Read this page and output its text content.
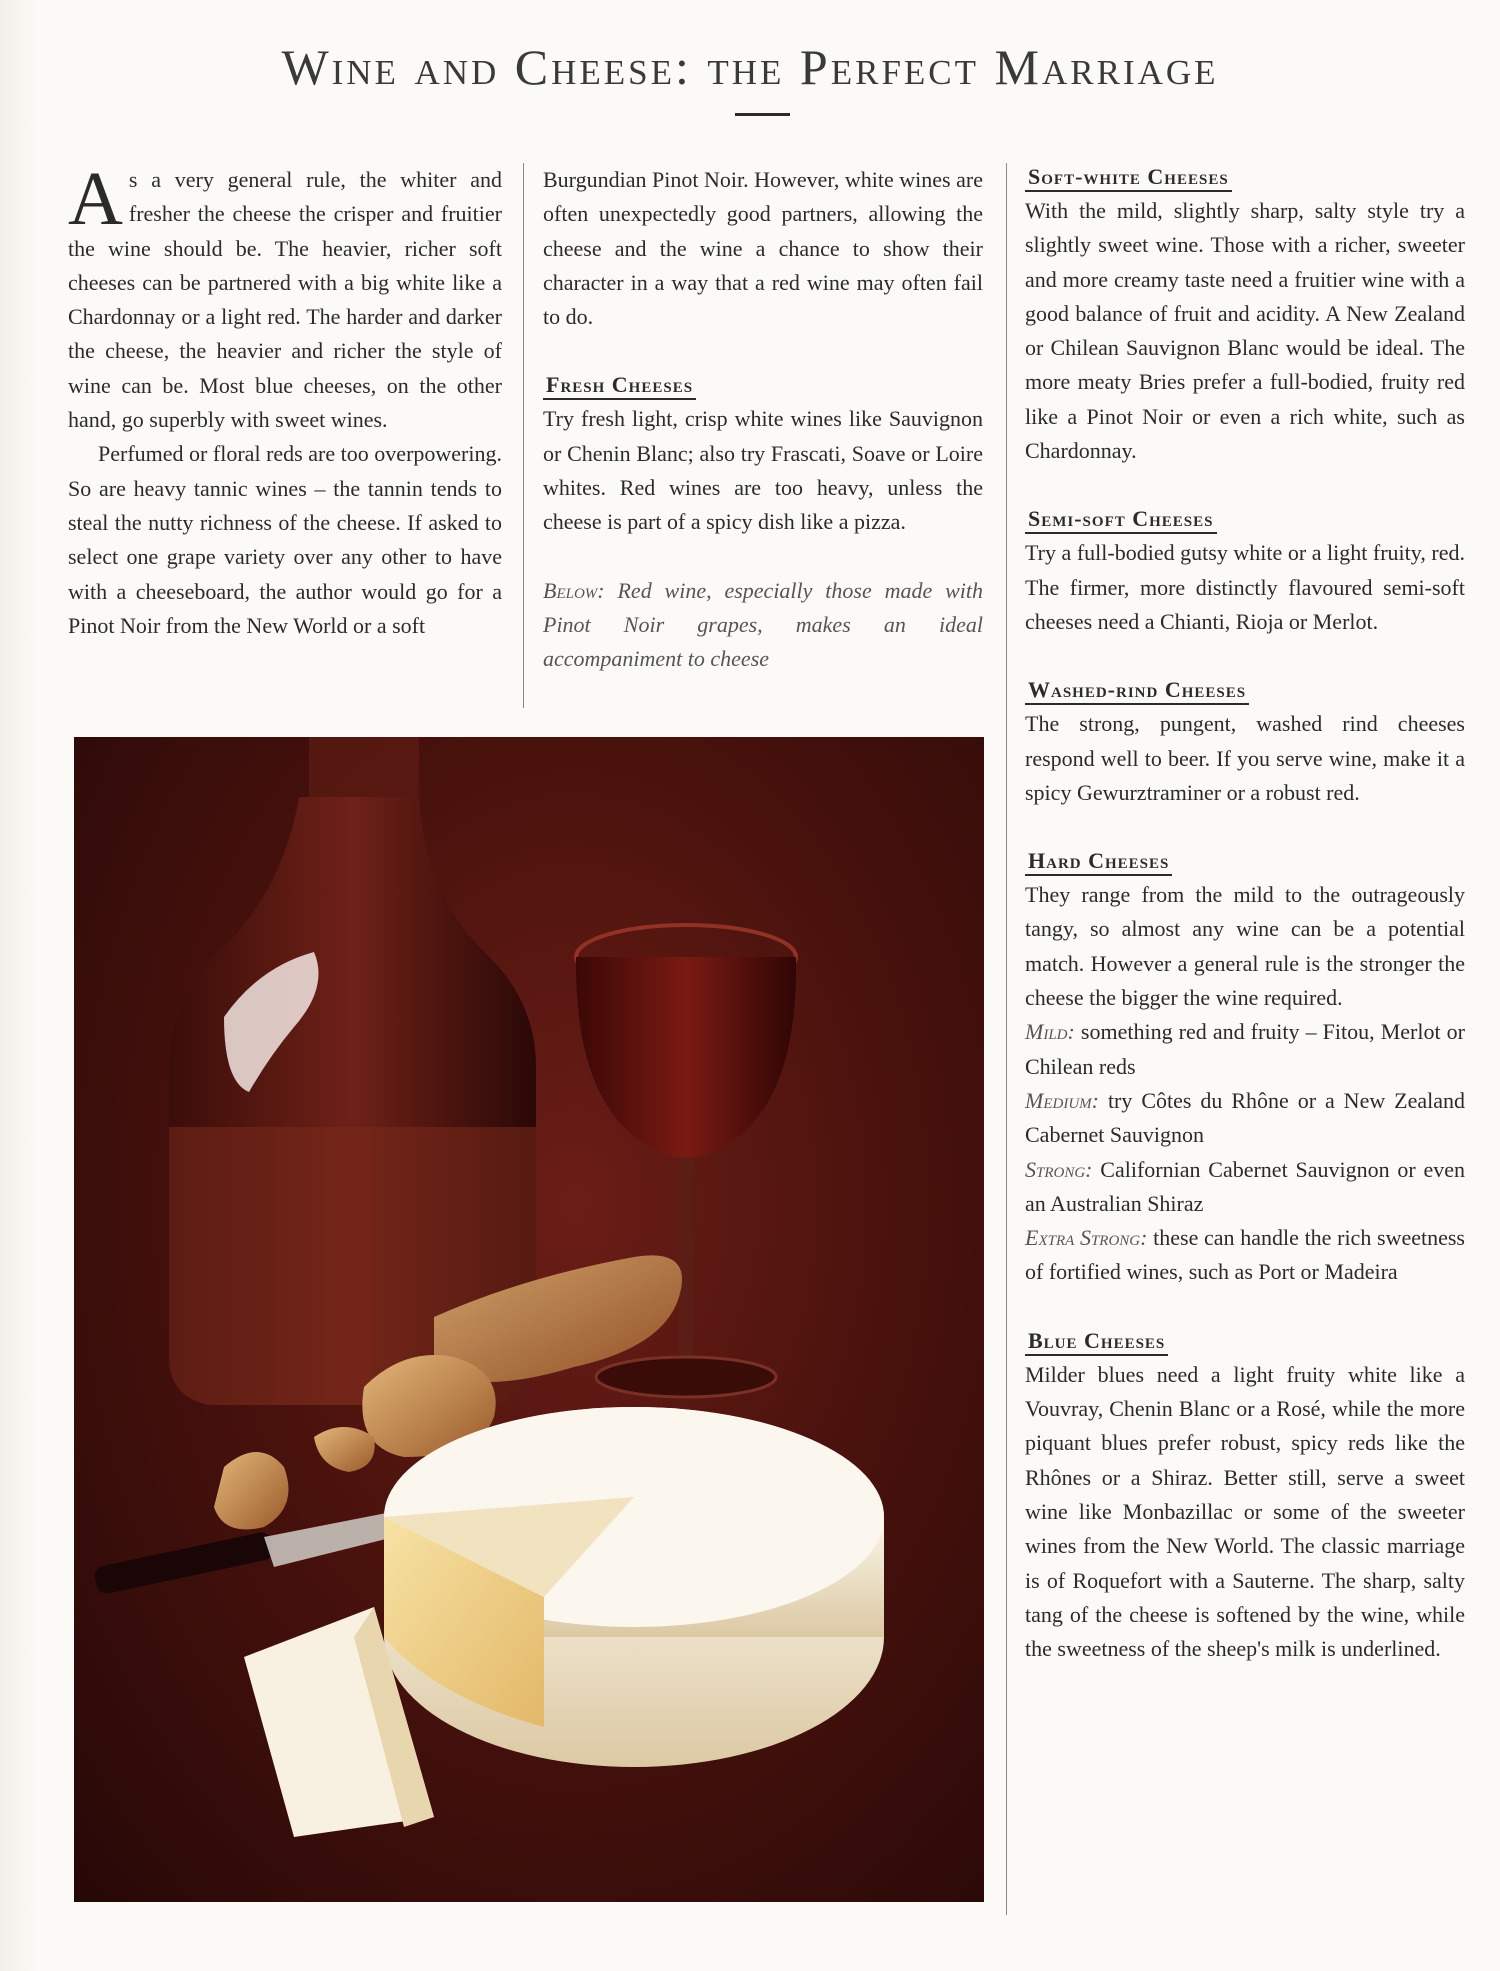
Wine and Cheese: the Perfect Marriage

As a very general rule, the whiter and fresher the cheese the crisper and fruitier the wine should be. The heavier, richer soft cheeses can be partnered with a big white like a Chardonnay or a light red. The harder and darker the cheese, the heavier and richer the style of wine can be. Most blue cheeses, on the other hand, go superbly with sweet wines.

Perfumed or floral reds are too overpowering. So are heavy tannic wines – the tannin tends to steal the nutty richness of the cheese. If asked to select one grape variety over any other to have with a cheeseboard, the author would go for a Pinot Noir from the New World or a soft

Burgundian Pinot Noir. However, white wines are often unexpectedly good partners, allowing the cheese and the wine a chance to show their character in a way that a red wine may often fail to do.

Fresh Cheeses

Try fresh light, crisp white wines like Sauvignon or Chenin Blanc; also try Frascati, Soave or Loire whites. Red wines are too heavy, unless the cheese is part of a spicy dish like a pizza.

Below: Red wine, especially those made with Pinot Noir grapes, makes an ideal accompaniment to cheese

Soft-white Cheeses

With the mild, slightly sharp, salty style try a slightly sweet wine. Those with a richer, sweeter and more creamy taste need a fruitier wine with a good balance of fruit and acidity. A New Zealand or Chilean Sauvignon Blanc would be ideal. The more meaty Bries prefer a full-bodied, fruity red like a Pinot Noir or even a rich white, such as Chardonnay.

Semi-soft Cheeses

Try a full-bodied gutsy white or a light fruity, red. The firmer, more distinctly flavoured semi-soft cheeses need a Chianti, Rioja or Merlot.

Washed-rind Cheeses

The strong, pungent, washed rind cheeses respond well to beer. If you serve wine, make it a spicy Gewurztraminer or a robust red.

Hard Cheeses

They range from the mild to the outrageously tangy, so almost any wine can be a potential match. However a general rule is the stronger the cheese the bigger the wine required.

Mild: something red and fruity – Fitou, Merlot or Chilean reds

Medium: try Côtes du Rhône or a New Zealand Cabernet Sauvignon

Strong: Californian Cabernet Sauvignon or even an Australian Shiraz

Extra Strong: these can handle the rich sweetness of fortified wines, such as Port or Madeira

Blue Cheeses

Milder blues need a light fruity white like a Vouvray, Chenin Blanc or a Rosé, while the more piquant blues prefer robust, spicy reds like the Rhônes or a Shiraz. Better still, serve a sweet wine like Monbazillac or some of the sweeter wines from the New World. The classic marriage is of Roquefort with a Sauterne. The sharp, salty tang of the cheese is softened by the wine, while the sweetness of the sheep's milk is underlined.
